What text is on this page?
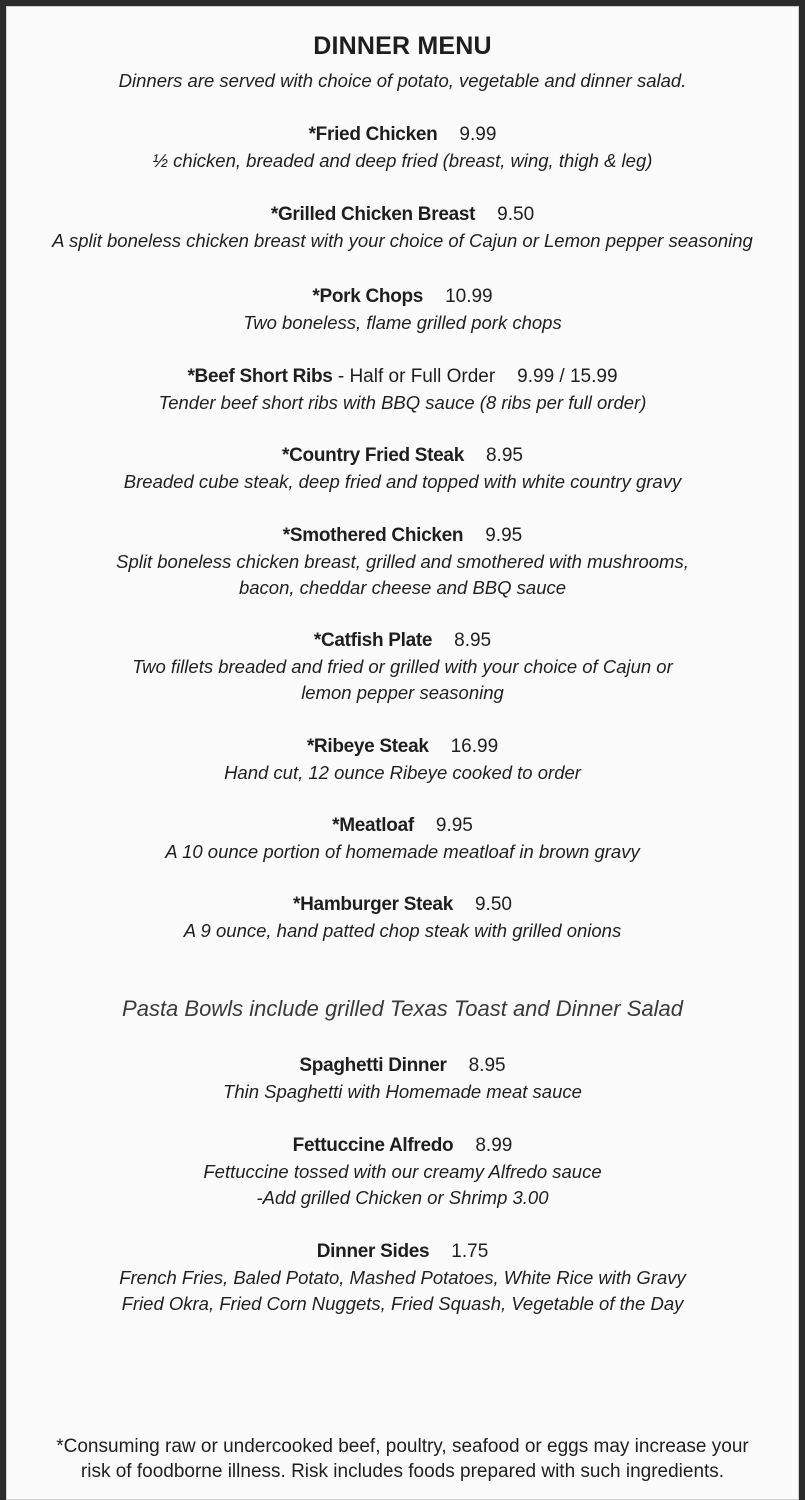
DINNER MENU
Dinners are served with choice of potato, vegetable and dinner salad.
*Fried Chicken 9.99
½ chicken, breaded and deep fried (breast, wing, thigh & leg)
*Grilled Chicken Breast 9.50
A split boneless chicken breast with your choice of Cajun or Lemon pepper seasoning
*Pork Chops 10.99
Two boneless, flame grilled pork chops
*Beef Short Ribs - Half or Full Order 9.99 / 15.99
Tender beef short ribs with BBQ sauce (8 ribs per full order)
*Country Fried Steak 8.95
Breaded cube steak, deep fried and topped with white country gravy
*Smothered Chicken 9.95
Split boneless chicken breast, grilled and smothered with mushrooms,
bacon, cheddar cheese and BBQ sauce
*Catfish Plate 8.95
Two fillets breaded and fried or grilled with your choice of Cajun or
lemon pepper seasoning
*Ribeye Steak 16.99
Hand cut, 12 ounce Ribeye cooked to order
*Meatloaf 9.95
A 10 ounce portion of homemade meatloaf in brown gravy
*Hamburger Steak 9.50
A 9 ounce, hand patted chop steak with grilled onions
Pasta Bowls include grilled Texas Toast and Dinner Salad
Spaghetti Dinner 8.95
Thin Spaghetti with Homemade meat sauce
Fettuccine Alfredo 8.99
Fettuccine tossed with our creamy Alfredo sauce
-Add grilled Chicken or Shrimp 3.00
Dinner Sides 1.75
French Fries, Baled Potato, Mashed Potatoes, White Rice with Gravy
Fried Okra, Fried Corn Nuggets, Fried Squash, Vegetable of the Day
*Consuming raw or undercooked beef, poultry, seafood or eggs may increase your
risk of foodborne illness. Risk includes foods prepared with such ingredients.
